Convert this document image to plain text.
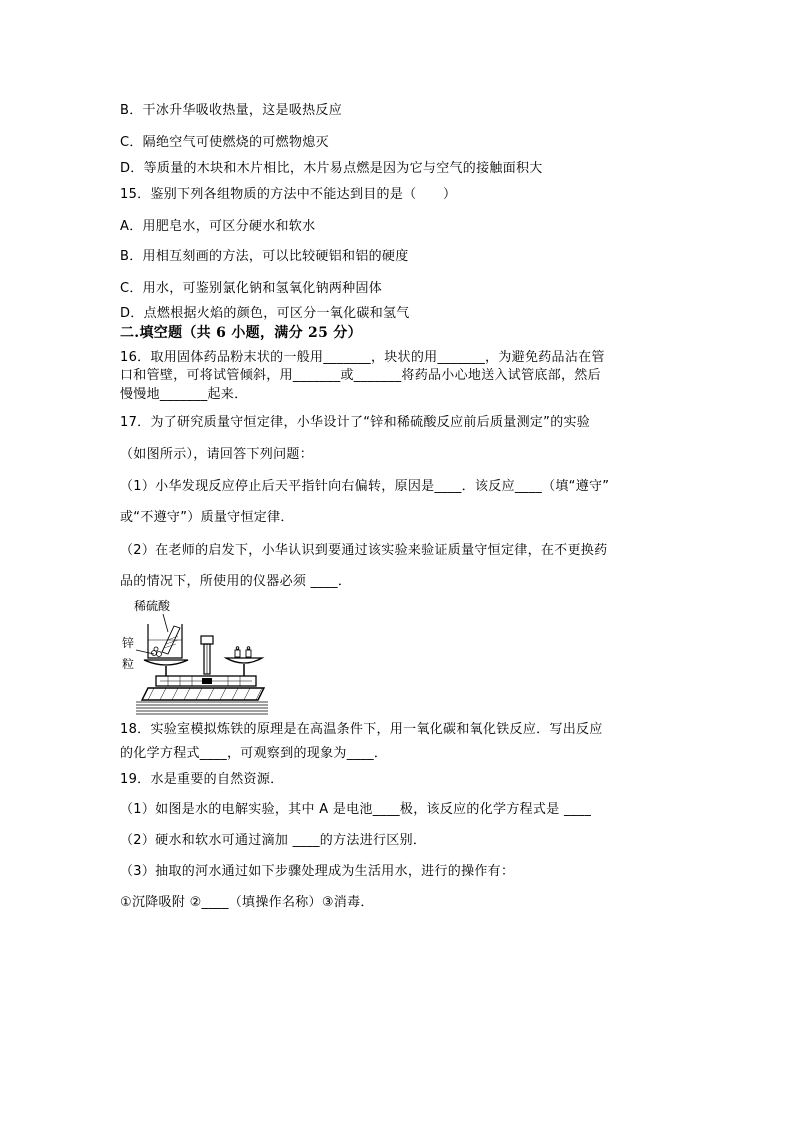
B．干冰升华吸收热量，这是吸热反应
C．隔绝空气可使燃烧的可燃物熄灭
D．等质量的木块和木片相比，木片易点燃是因为它与空气的接触面积大
15．鉴别下列各组物质的方法中不能达到目的是（　　）
A．用肥皂水，可区分硬水和软水
B．用相互刻画的方法，可以比较硬铝和铝的硬度
C．用水，可鉴别氯化钠和氢氧化钠两种固体
D．点燃根据火焰的颜色，可区分一氧化碳和氢气
二.填空题（共 6 小题，满分 25 分）
16．取用固体药品粉末状的一般用_______，块状的用_______，为避免药品沾在管
口和管壁，可将试管倾斜，用_______或_______将药品小心地送入试管底部，然后
慢慢地_______起来．
17．为了研究质量守恒定律，小华设计了“锌和稀硫酸反应前后质量测定”的实验
（如图所示），请回答下列问题：
（1）小华发现反应停止后天平指针向右偏转，原因是____．该反应____（填“遵守”
或“不遵守”）质量守恒定律．
（2）在老师的启发下，小华认识到要通过该实验来验证质量守恒定律，在不更换药
品的情况下，所使用的仪器必须 ____．
稀硫酸
锌
粒
18．实验室模拟炼铁的原理是在高温条件下，用一氧化碳和氧化铁反应．写出反应
的化学方程式____，可观察到的现象为____．
19．水是重要的自然资源．
（1）如图是水的电解实验，其中 A 是电池____极，该反应的化学方程式是 ____
（2）硬水和软水可通过滴加 ____的方法进行区别．
（3）抽取的河水通过如下步骤处理成为生活用水，进行的操作有：
①沉降吸附 ②____（填操作名称）③消毒．
